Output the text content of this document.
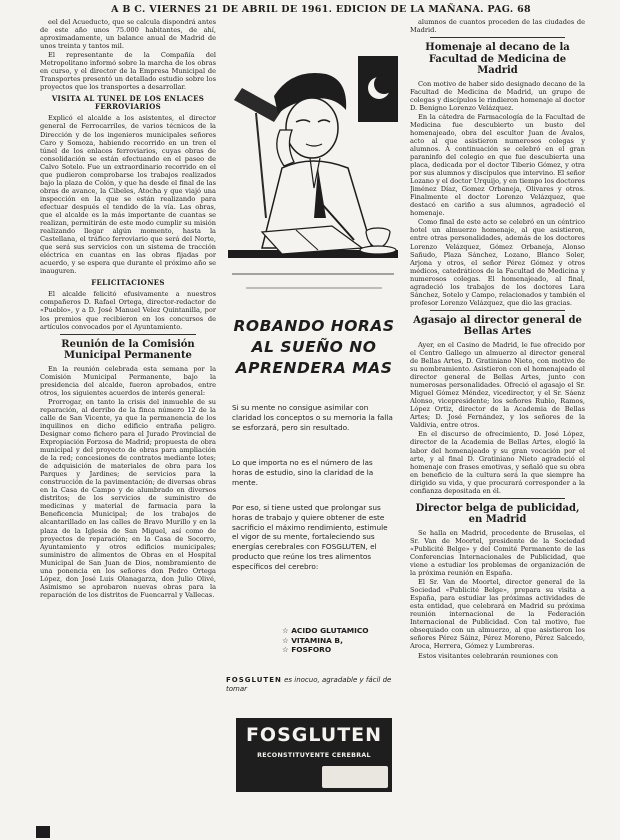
A B C. VIERNES 21 DE ABRIL DE 1961. EDICION DE LA MAÑANA. PAG. 68

eel del Acueducto, que se calcula dispondrá antes de este año unos 75.000 habitantes, de ahí, aproximadamente, un balance anual de Madrid de unos treinta y tantos mil.

El representante de la Compañía del Metropolitano informó sobre la marcha de los obras en curso, y el director de la Empresa Municipal de Transportes presentó un detallado estudio sobre los proyectos que los transportes a desarrollar.

VISITA AL TUNEL DE LOS ENLACES FERROVIARIOS

Explicó el alcalde a los asistentes, el director general de Ferrocarriles, de varios técnicos de la Dirección y de los ingenieros municipales señores Caro y Somoza, habiendo recorrido en un tren el túnel de los enlaces ferroviarios, cuyas obras de consolidación se están efectuando en el paseo de Calvo Sotelo. Fue un extraordinario recorrido en el que pudieron comprobarse los trabajos realizados bajo la plaza de Colón, y que ha desde el final de las obras de avance, la Cibeles, Atocha y que viajó una inspección en la que se están realizando para efectuar después el tendido de la vía. Las obras, que el alcalde es la más importante de cuantas se realizan, permitirán de este modo cumplir su misión realizando llegar algún momento, hasta la Castellana, el tráfico ferroviario que será del Norte, que será sus servicios con un sistema de tracción eléctrica en cuantas en las obras fijadas por acuerdo, y se espera que durante el próximo año se inauguren.

FELICITACIONES

El alcalde felicitó efusivamente a nuestros compañeros D. Rafael Ortega, director-redactor de «Pueblo», y a D. José Manuel Velez Quintanilla, por los premios que recibieron en los concursos de artículos convocados por el Ayuntamiento.

Reunión de la Comisión Municipal Permanente

En la reunión celebrada esta semana por la Comisión Municipal Permanente, bajo la presidencia del alcalde, fueron aprobados, entre otros, los siguientes acuerdos de interés general:

Prorrogar, en tanto la crisis del inmueble de su reparación, al derribo de la finca número 12 de la calle de San Vicente, ya que la permanencia de los inquilinos en dicho edificio entraña peligro. Designar como fichero para el Jurado Provincial de Expropiación Forzosa de Madrid; propuesta de obra municipal y del proyecto de obras para ampliación de la red; concesiones de contratos mediante lotes; de adquisición de materiales de obra para los Parques y Jardines; de servicios para la construcción de la pavimentación; de diversas obras en la Casa de Campo y de alumbrado en diversos distritos; de los servicios de suministro de medicinas y material de farmacia para la Beneficencia Municipal; de los trabajos de alcantarillado en las calles de Bravo Murillo y en la plaza de la Iglesia de San Miguel, así como de proyectos de reparación; en la Casa de Socorro, Ayuntamiento y otros edificios municipales; suministro de alimentos de Obras en el Hospital Municipal de San Juan de Dios, nombramiento de una ponencia en los señores don Pedro Ortega López, don José Luis Olanagarza, don Julio Olivé, Asimismo se aprobaron nuevas obras para la reparación de los distritos de Fuencarral y Vallecas.

ROBANDO HORAS AL SUEÑO NO APRENDERA MAS
Si su mente no consigue asimilar con claridad los conceptos o su memoria la falla se esforzará, pero sin resultado.
Lo que importa no es el número de las horas de estudio, sino la claridad de la mente.
Por eso, si tiene usted que prolongar sus horas de trabajo y quiere obtener de este sacrificio el máximo rendimiento, estimule el vigor de su mente, fortaleciendo sus energías cerebrales con FOSGLUTEN, el producto que reúne los tres alimentos específicos del cerebro:
☆ ACIDO GLUTAMICO
☆ VITAMINA B,
☆ FOSFORO
FOSGLUTEN es inocuo, agradable y fácil de tomar
FOSGLUTEN
RECONSTITUYENTE CEREBRAL

alumnos de cuantos proceden de las ciudades de Madrid.

Homenaje al decano de la Facultad de Medicina de Madrid

Con motivo de haber sido designado decano de la Facultad de Medicina de Madrid, un grupo de colegas y discípulos le rindieron homenaje al doctor D. Benigno Lorenzo Velázquez.

En la cátedra de Farmacología de la Facultad de Medicina fue descubierto un busto del homenajeado, obra del escultor Juan de Ávalos, acto al que asistieron numerosos colegas y alumnos. A continuación se celebró en el gran paraninfo del colegio en que fue descubierta una placa, dedicada por el doctor Tiberio Gómez, y otra por sus alumnos y discípulos que intervino. El señor Lozano y el doctor Urquijo, y en tiempo los doctores Jiménez Díaz, Gomez Orbaneja, Olivares y otros. Finalmente el doctor Lorenzo Velázquez, que destacó en cariño a sus alumnos, agradeció el homenaje.

Como final de este acto se celebró en un céntrico hotel un almuerzo homenaje, al que asistieron, entre otras personalidades, además de los doctores Lorenzo Velázquez, Gómez Orbaneja, Alonso Sañudo, Plaza Sánchez, Lozano, Blanco Soler, Arjona y otros, el señor Pérez Gómez y otros médicos, catedráticos de la Facultad de Medicina y numerosos colegas. El homenajeado, al final, agradeció los trabajos de los doctores Lara Sánchez, Sotelo y Campo, relacionados y también el profesor Lorenzo Velázquez, que dio las gracias.

Agasajo al director general de Bellas Artes

Ayer, en el Casino de Madrid, le fue ofrecido por el Centro Gallego un almuerzo al director general de Bellas Artes, D. Gratiniano Nieto, con motivo de su nombramiento. Asistieron con el homenajeado el director general de Bellas Artes, junto con numerosas personalidades. Ofreció el agasajo el Sr. Miguel Gómez Méndez, vicedirector, y el Sr. Sáenz Alonso, vicepresidente; los señores Rubio, Ramos, López Ortiz, director de la Academia de Bellas Artes; D. José Fernández, y los señores de la Valdivia, entre otros.

En el discurso de ofrecimiento, D. José López, director de la Academia de Bellas Artes, elogió la labor del homenajeado y su gran vocación por el arte, y al final D. Gratiniano Nieto agradeció el homenaje con frases emotivas, y señaló que su obra en beneficio de la cultura será la que siempre ha dirigido su vida, y que procurará corresponder a la confianza depositada en él.

Director belga de publicidad, en Madrid

Se halla en Madrid, procedente de Bruselas, el Sr. Van de Moortel, presidente de la Sociedad «Publicité Belge» y del Comité Permanente de las Conferencias Internacionales de Publicidad, que viene a estudiar los problemas de organización de la próxima reunión en España.

El Sr. Van de Moortel, director general de la Sociedad «Publicité Belge», prepara su visita a España, para estudiar las próximas actividades de esta entidad, que celebrará en Madrid su próxima reunión internacional de la Federación Internacional de Publicidad. Con tal motivo, fue obsequiado con un almuerzo, al que asistieron los señores Pérez Sáinz, Pérez Moreno, Pérez Salcedo, Aroca, Herrera, Gómez y Lumbreras.

Estos visitantes celebrarán reuniones con
